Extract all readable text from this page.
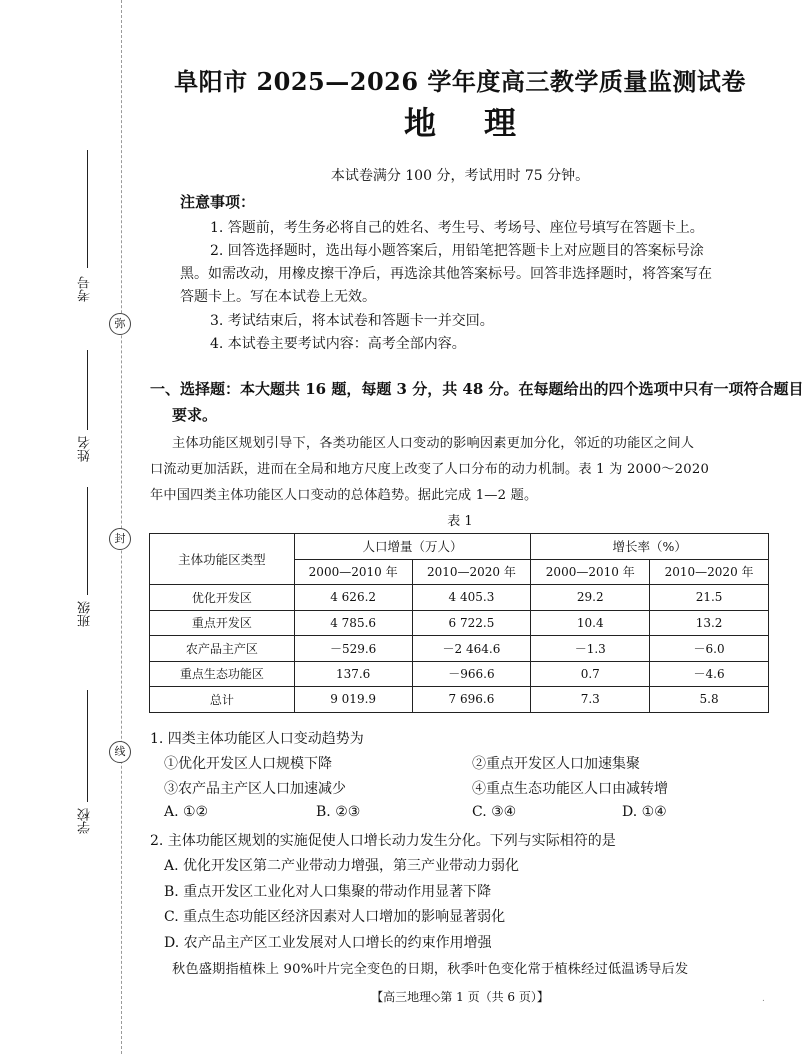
弥
封
线
考号
姓名
班级
学校
阜阳市 2025—2026 学年度高三教学质量监测试卷
地理
本试卷满分 100 分，考试用时 75 分钟。
注意事项：
1. 答题前，考生务必将自己的姓名、考生号、考场号、座位号填写在答题卡上。
2. 回答选择题时，选出每小题答案后，用铅笔把答题卡上对应题目的答案标号涂
黑。如需改动，用橡皮擦干净后，再选涂其他答案标号。回答非选择题时，将答案写在
答题卡上。写在本试卷上无效。
3. 考试结束后，将本试卷和答题卡一并交回。
4. 本试卷主要考试内容：高考全部内容。
一、选择题：本大题共 16 题，每题 3 分，共 48 分。在每题给出的四个选项中只有一项符合题目
要求。
主体功能区规划引导下，各类功能区人口变动的影响因素更加分化，邻近的功能区之间人
口流动更加活跃，进而在全局和地方尺度上改变了人口分布的动力机制。表 1 为 2000～2020
年中国四类主体功能区人口变动的总体趋势。据此完成 1—2 题。
表 1
主体功能区类型	人口增量（万人）		增长率（%）	
	2000—2010 年	2010—2020 年	2000—2010 年	2010—2020 年
优化开发区	4 626.2	4 405.3	29.2	21.5
重点开发区	4 785.6	6 722.5	10.4	13.2
农产品主产区	－529.6	－2 464.6	－1.3	－6.0
重点生态功能区	137.6	－966.6	0.7	－4.6
总计	9 019.9	7 696.6	7.3	5.8
1. 四类主体功能区人口变动趋势为
①优化开发区人口规模下降	②重点开发区人口加速集聚
③农产品主产区人口加速减少	④重点生态功能区人口由减转增
A. ①②	B. ②③	C. ③④	D. ①④
2. 主体功能区规划的实施促使人口增长动力发生分化。下列与实际相符的是
A. 优化开发区第二产业带动力增强，第三产业带动力弱化
B. 重点开发区工业化对人口集聚的带动作用显著下降
C. 重点生态功能区经济因素对人口增加的影响显著弱化
D. 农产品主产区工业发展对人口增长的约束作用增强
秋色盛期指植株上 90%叶片完全变色的日期，秋季叶色变化常于植株经过低温诱导后发
【高三地理◇第 1 页（共 6 页）】	.
